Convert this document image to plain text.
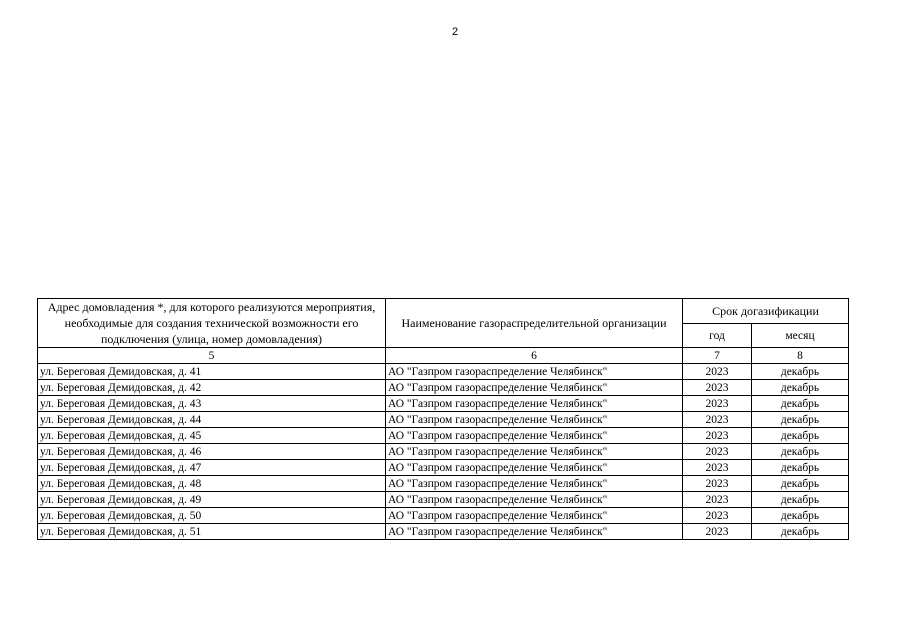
2
Адрес домовладения *, для которого реализуются мероприятия, необходимые для создания технической возможности его подключения (улица, номер домовладения)	Наименование газораспределительной организации	Срок догазификации	
		год	месяц
5	6	7	8
ул. Береговая Демидовская, д. 41	АО "Газпром газораспределение Челябинск"	2023	декабрь
ул. Береговая Демидовская, д. 42	АО "Газпром газораспределение Челябинск"	2023	декабрь
ул. Береговая Демидовская, д. 43	АО "Газпром газораспределение Челябинск"	2023	декабрь
ул. Береговая Демидовская, д. 44	АО "Газпром газораспределение Челябинск"	2023	декабрь
ул. Береговая Демидовская, д. 45	АО "Газпром газораспределение Челябинск"	2023	декабрь
ул. Береговая Демидовская, д. 46	АО "Газпром газораспределение Челябинск"	2023	декабрь
ул. Береговая Демидовская, д. 47	АО "Газпром газораспределение Челябинск"	2023	декабрь
ул. Береговая Демидовская, д. 48	АО "Газпром газораспределение Челябинск"	2023	декабрь
ул. Береговая Демидовская, д. 49	АО "Газпром газораспределение Челябинск"	2023	декабрь
ул. Береговая Демидовская, д. 50	АО "Газпром газораспределение Челябинск"	2023	декабрь
ул. Береговая Демидовская, д. 51	АО "Газпром газораспределение Челябинск"	2023	декабрь
